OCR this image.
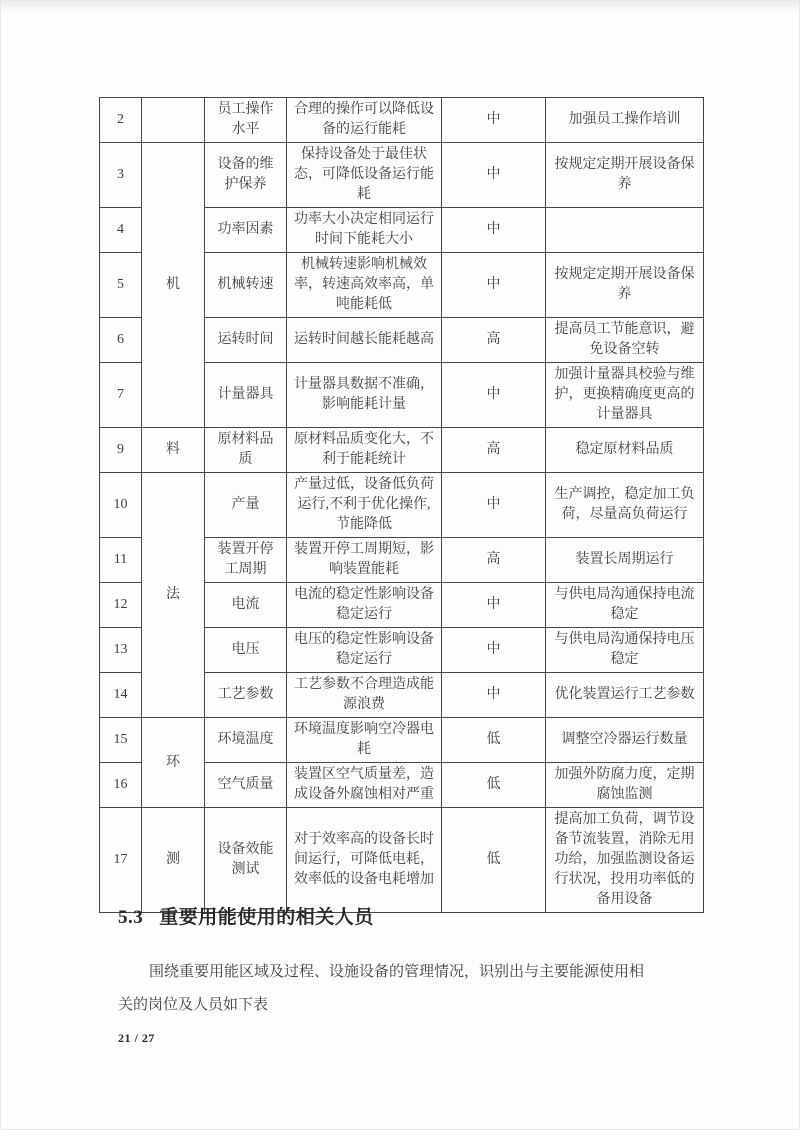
2		员工操作水平	合理的操作可以降低设备的运行能耗	中	加强员工操作培训
3	机	设备的维护保养	保持设备处于最佳状态，可降低设备运行能耗	中	按规定定期开展设备保养
4		功率因素	功率大小决定相同运行时间下能耗大小	中	
5		机械转速	机械转速影响机械效率，转速高效率高，单吨能耗低	中	按规定定期开展设备保养
6		运转时间	运转时间越长能耗越高	高	提高员工节能意识，避免设备空转
7		计量器具	计量器具数据不准确，影响能耗计量	中	加强计量器具校验与维护，更换精确度更高的计量器具
9	料	原材料品质	原材料品质变化大，不利于能耗统计	高	稳定原材料品质
10	法	产量	产量过低，设备低负荷运行,不利于优化操作,节能降低	中	生产调控，稳定加工负荷，尽量高负荷运行
11		装置开停工周期	装置开停工周期短，影响装置能耗	高	装置长周期运行
12		电流	电流的稳定性影响设备稳定运行	中	与供电局沟通保持电流稳定
13		电压	电压的稳定性影响设备稳定运行	中	与供电局沟通保持电压稳定
14		工艺参数	工艺参数不合理造成能源浪费	中	优化装置运行工艺参数
15	环	环境温度	环境温度影响空冷器电耗	低	调整空冷器运行数量
16		空气质量	装置区空气质量差，造成设备外腐蚀相对严重	低	加强外防腐力度，定期腐蚀监测
17	测	设备效能测试	对于效率高的设备长时间运行，可降低电耗，效率低的设备电耗增加	低	提高加工负荷，调节设备节流装置，消除无用功给，加强监测设备运行状况，投用功率低的备用设备
5.3 重要用能使用的相关人员
围绕重要用能区域及过程、设施设备的管理情况，识别出与主要能源使用相
关的岗位及人员如下表
21 / 27
